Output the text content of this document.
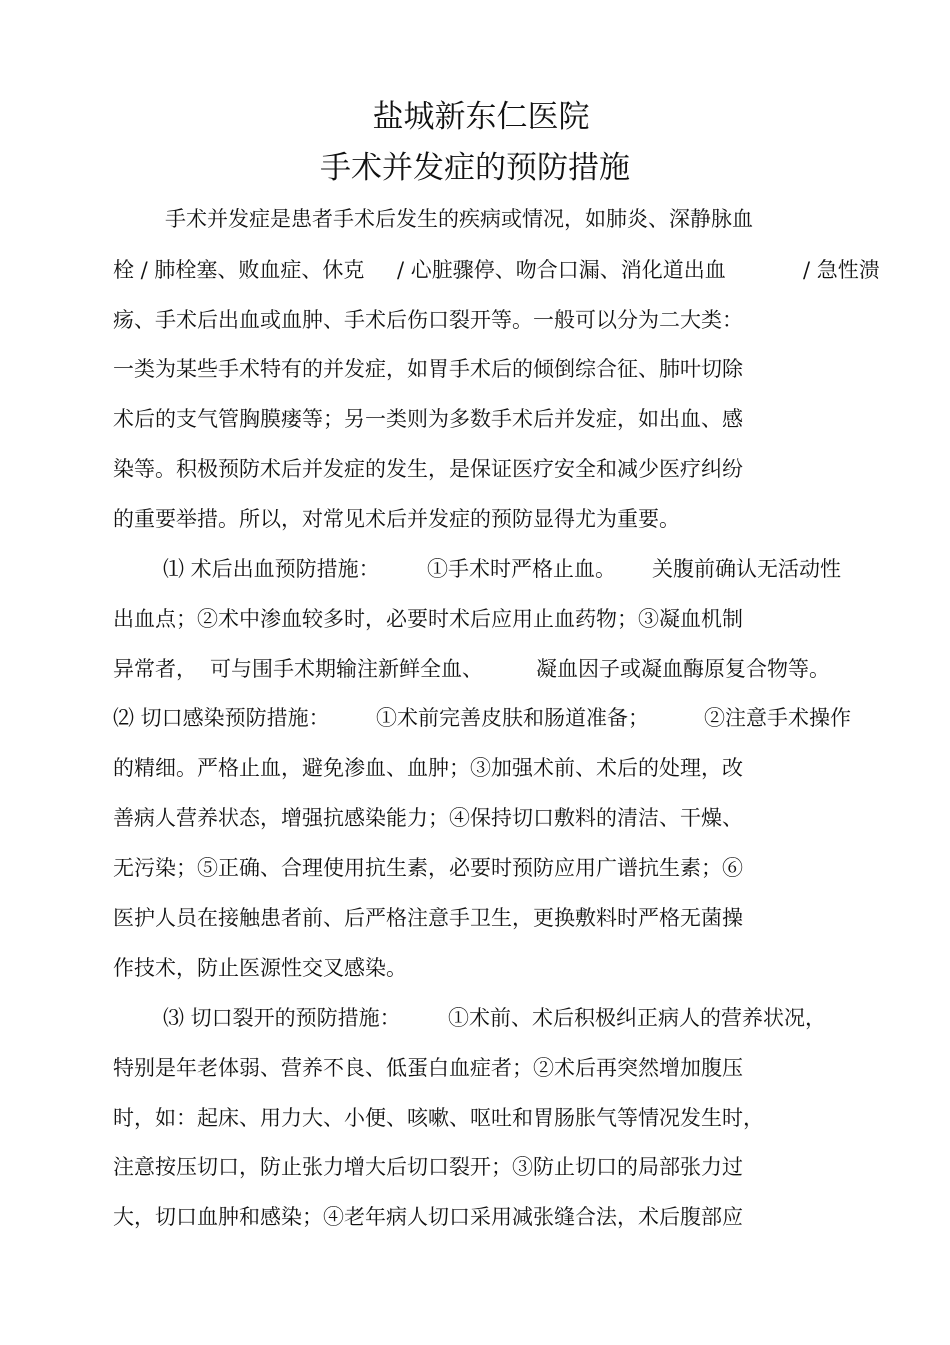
盐城新东仁医院
手术并发症的预防措施
手术并发症是患者手术后发生的疾病或情况，如肺炎、深静脉血
栓 / 肺栓塞、败血症、休克 / 心脏骤停、吻合口漏、消化道出血	/ 急性溃
疡、手术后出血或血肿、手术后伤口裂开等。一般可以分为二大类：
一类为某些手术特有的并发症，如胃手术后的倾倒综合征、肺叶切除
术后的支气管胸膜瘘等；另一类则为多数手术后并发症，如出血、感
染等。积极预防术后并发症的发生，是保证医疗安全和减少医疗纠纷
的重要举措。所以，对常见术后并发症的预防显得尤为重要。
⑴ 术后出血预防措施： ①手术时严格止血。 关腹前确认无活动性
出血点；②术中渗血较多时，必要时术后应用止血药物；③凝血机制
异常者， 可与围手术期输注新鲜全血、	凝血因子或凝血酶原复合物等。
⑵ 切口感染预防措施： ①术前完善皮肤和肠道准备；	②注意手术操作
的精细。严格止血，避免渗血、血肿；③加强术前、术后的处理，改
善病人营养状态，增强抗感染能力；④保持切口敷料的清洁、干燥、
无污染；⑤正确、合理使用抗生素，必要时预防应用广谱抗生素；⑥
医护人员在接触患者前、后严格注意手卫生，更换敷料时严格无菌操
作技术，防止医源性交叉感染。
⑶ 切口裂开的预防措施： ①术前、术后积极纠正病人的营养状况，
特别是年老体弱、营养不良、低蛋白血症者；②术后再突然增加腹压
时，如：起床、用力大、小便、咳嗽、呕吐和胃肠胀气等情况发生时，
注意按压切口，防止张力增大后切口裂开；③防止切口的局部张力过
大，切口血肿和感染；④老年病人切口采用减张缝合法，术后腹部应
